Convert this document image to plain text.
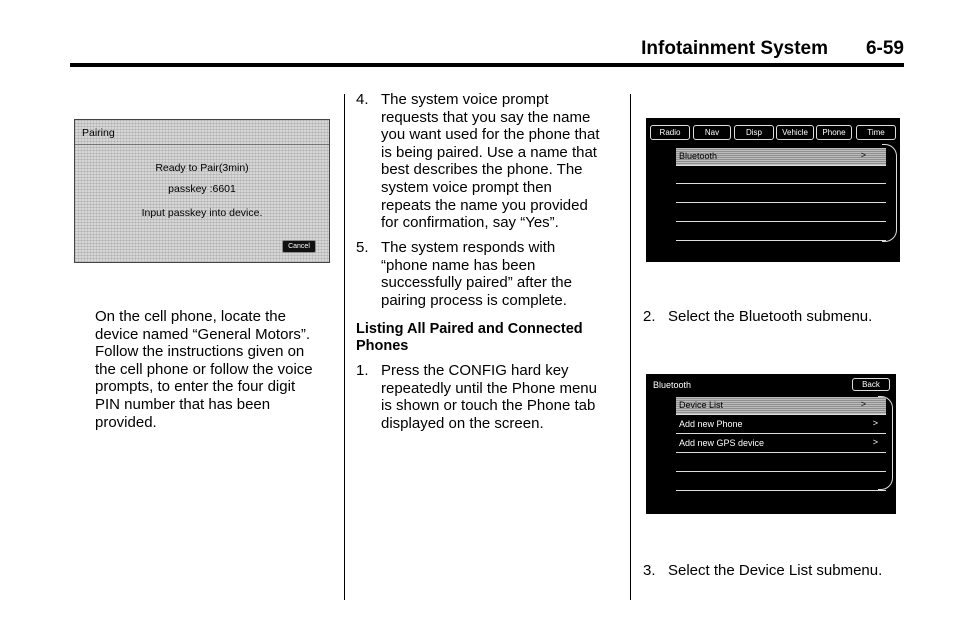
Infotainment System 6-59
Pairing
Ready to Pair(3min)
passkey :6601
Input passkey into device.
Cancel
On the cell phone, locate the
device named “General Motors”.
Follow the instructions given on
the cell phone or follow the voice
prompts, to enter the four digit
PIN number that has been
provided.
4. The system voice prompt
requests that you say the name
you want used for the phone that
is being paired. Use a name that
best describes the phone. The
system voice prompt then
repeats the name you provided
for confirmation, say “Yes”.
5. The system responds with
“phone name has been
successfully paired” after the
pairing process is complete.
Listing All Paired and Connected
Phones
1. Press the CONFIG hard key
repeatedly until the Phone menu
is shown or touch the Phone tab
displayed on the screen.
Radio	Nav	Disp	Vehicle	Phone	Time
Bluetooth	>
2. Select the Bluetooth submenu.
Bluetooth	Back
Device List	>
Add new Phone	>
Add new GPS device	>
3. Select the Device List submenu.
